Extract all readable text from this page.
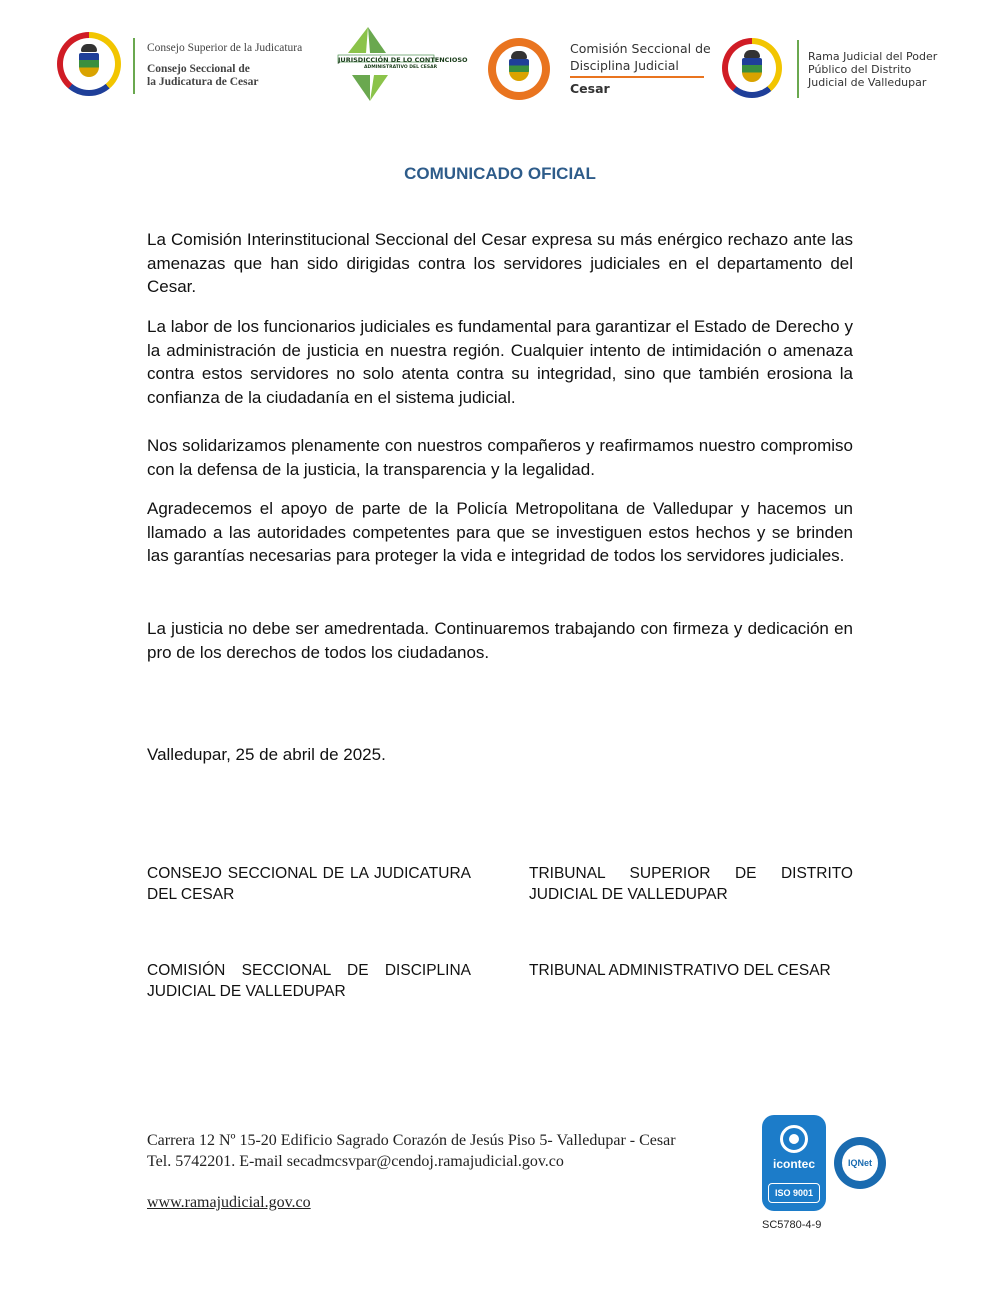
Consejo Superior de la Judicatura
Consejo Seccional de
la Judicatura de Cesar
JURISDICCIÓN DE LO CONTENCIOSO
ADMINISTRATIVO DEL CESAR
Comisión Seccional de
Disciplina Judicial
Cesar
Rama Judicial del Poder
Público del Distrito
Judicial de Valledupar
COMUNICADO OFICIAL

La Comisión Interinstitucional Seccional del Cesar expresa su más enérgico rechazo ante las amenazas que han sido dirigidas contra los servidores judiciales en el departamento del Cesar.

La labor de los funcionarios judiciales es fundamental para garantizar el Estado de Derecho y la administración de justicia en nuestra región. Cualquier intento de intimidación o amenaza contra estos servidores no solo atenta contra su integridad, sino que también erosiona la confianza de la ciudadanía en el sistema judicial.

Nos solidarizamos plenamente con nuestros compañeros y reafirmamos nuestro compromiso con la defensa de la justicia, la transparencia y la legalidad.

Agradecemos el apoyo de parte de la Policía Metropolitana de Valledupar y hacemos un llamado a las autoridades competentes para que se investiguen estos hechos y se brinden las garantías necesarias para proteger la vida e integridad de todos los servidores judiciales.

La justicia no debe ser amedrentada. Continuaremos trabajando con firmeza y dedicación en pro de los derechos de todos los ciudadanos.

Valledupar, 25 de abril de 2025.

CONSEJO SECCIONAL DE LA JUDICATURA DEL CESAR

TRIBUNAL SUPERIOR DE DISTRITO JUDICIAL DE VALLEDUPAR

COMISIÓN SECCIONAL DE DISCIPLINA JUDICIAL DE VALLEDUPAR

TRIBUNAL ADMINISTRATIVO DEL CESAR

Carrera 12 Nº 15-20 Edificio Sagrado Corazón de Jesús Piso 5- Valledupar - Cesar
Tel. 5742201. E-mail secadmcsvpar@cendoj.ramajudicial.gov.co
www.ramajudicial.gov.co
icontec
ISO 9001
IQNet
SC5780-4-9
